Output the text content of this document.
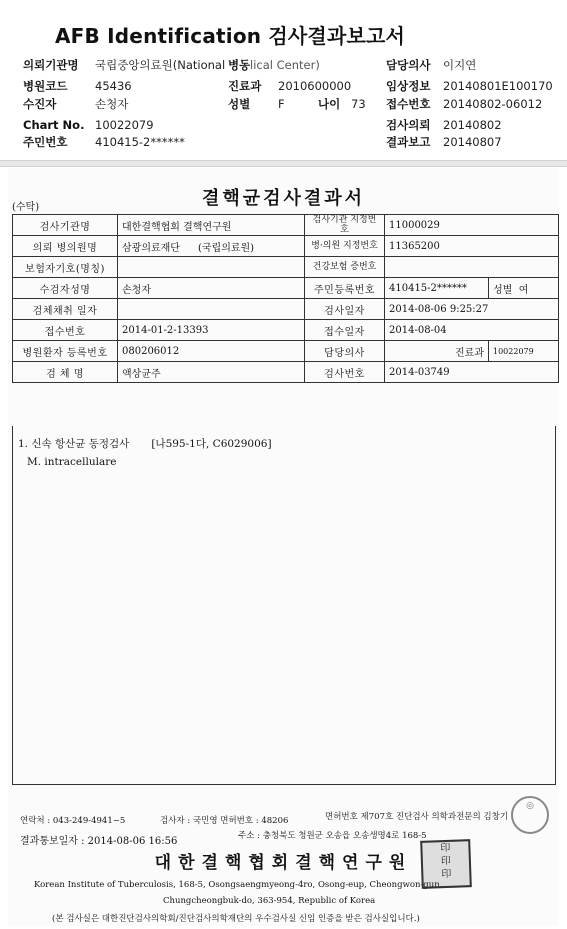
AFB Identification 검사결과보고서
의뢰기관명 국립중앙의료원(National 병동 lical Center)	담당의사 이지연
병원코드 45436	진료과 2010600000	임상정보 20140801E100170
수진자	손청자	성별 F	나이 73 접수번호 20140802-06012
Chart No. 10022079	검사의뢰 20140802
주민번호 410415-2******	결과보고 20140807
(수탁)	결핵균검사결과서
검사기관명	대한결핵협회 결핵연구원	검사기관 지정번호	11000029	
의뢰 병의원명	삼광의료재단 (국립의료원)	병·의원 지정번호	11365200	
보험자기호(명칭)		건강보험 증번호		
수검자성명	손청자	주민등록번호	410415-2******	성별 여
검체채취 일자		검사일자	2014-08-06 9:25:27	
접수번호	2014-01-2-13393	접수일자	2014-08-04	
병원환자 등록번호	080206012	담당의사	진료과	10022079
검 체 명	액상균주	검사번호	2014-03749	
1. 신속 항산균 동정검사 [나595-1다, C6029006]
M. intracellulare
연락처 : 043-249-4941~5	검사자 : 국민영 면허번호 : 48206	면허번호 제707호 진단검사 의학과전문의 김창기
결과통보일자 : 2014-08-06 16:56	주소 : 충청북도 청원군 오송읍 오송생명4로 168-5
대한결핵협회결핵연구원
Korean Institute of Tuberculosis, 168-5, Osongsaengmyeong-4ro, Osong-eup, Cheongwon-gun,
Chungcheongbuk-do, 363-954, Republic of Korea
(본 검사실은 대한진단검사의학회/진단검사의학재단의 우수검사실 신임 인증을 받은 검사실입니다.)
◎
印
印
印
